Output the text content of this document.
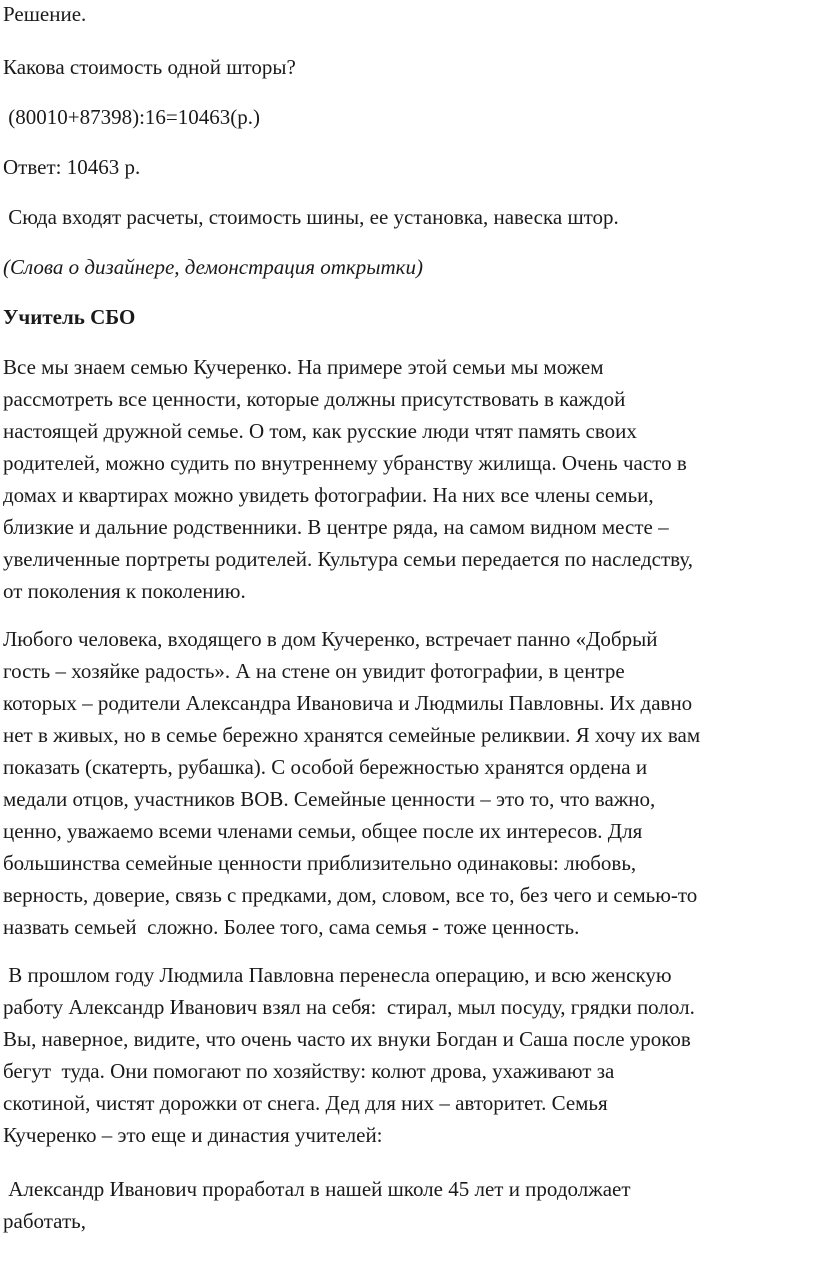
Решение.
Какова стоимость одной шторы?
(80010+87398):16=10463(р.)
Ответ: 10463 р.
Сюда входят расчеты, стоимость шины, ее установка, навеска штор.
(Слова о дизайнере, демонстрация открытки)
Учитель СБО
Все мы знаем семью Кучеренко. На примере этой семьи мы можем
рассмотреть все ценности, которые должны присутствовать в каждой
настоящей дружной семье. О том, как русские люди чтят память своих
родителей, можно судить по внутреннему убранству жилища. Очень часто в
домах и квартирах можно увидеть фотографии. На них все члены семьи,
близкие и дальние родственники. В центре ряда, на самом видном месте –
увеличенные портреты родителей. Культура семьи передается по наследству,
от поколения к поколению.
Любого человека, входящего в дом Кучеренко, встречает панно «Добрый
гость – хозяйке радость». А на стене он увидит фотографии, в центре
которых – родители Александра Ивановича и Людмилы Павловны. Их давно
нет в живых, но в семье бережно хранятся семейные реликвии. Я хочу их вам
показать (скатерть, рубашка). С особой бережностью хранятся ордена и
медали отцов, участников ВОВ. Семейные ценности – это то, что важно,
ценно, уважаемо всеми членами семьи, общее после их интересов. Для
большинства семейные ценности приблизительно одинаковы: любовь,
верность, доверие, связь с предками, дом, словом, все то, без чего и семью-то
назвать семьей  сложно. Более того, сама семья - тоже ценность.
В прошлом году Людмила Павловна перенесла операцию, и всю женскую
работу Александр Иванович взял на себя:  стирал, мыл посуду, грядки полол.
Вы, наверное, видите, что очень часто их внуки Богдан и Саша после уроков
бегут  туда. Они помогают по хозяйству: колют дрова, ухаживают за
скотиной, чистят дорожки от снега. Дед для них – авторитет. Семья
Кучеренко – это еще и династия учителей:
Александр Иванович проработал в нашей школе 45 лет и продолжает
работать,
